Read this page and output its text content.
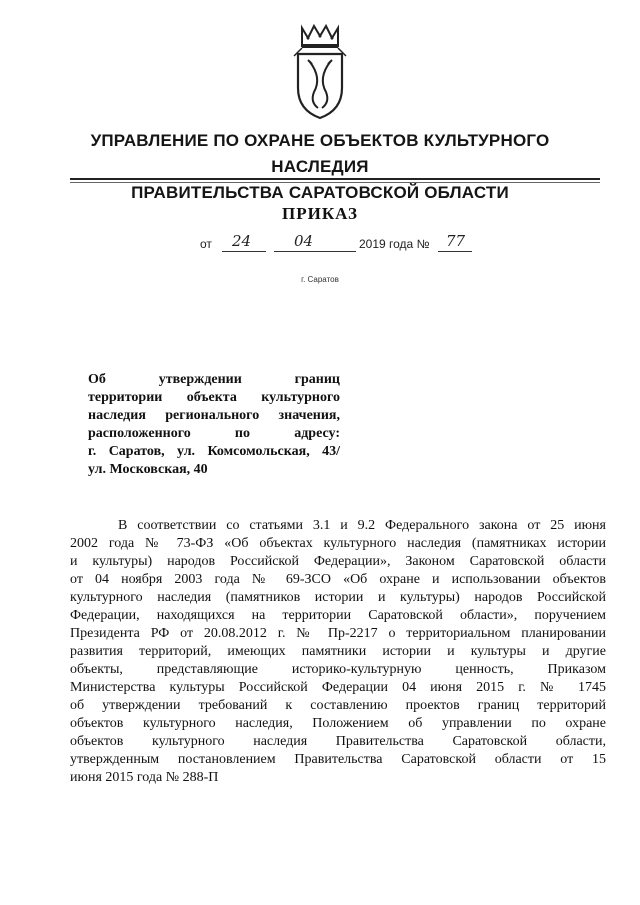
УПРАВЛЕНИЕ ПО ОХРАНЕ ОБЪЕКТОВ КУЛЬТУРНОГО НАСЛЕДИЯ
ПРАВИТЕЛЬСТВА САРАТОВСКОЙ ОБЛАСТИ
ПРИКАЗ
от 24	04	2019 года № 77
г. Саратов
Об утверждении границ
территории объекта культурного
наследия регионального значения,
расположенного по адресу:
г. Саратов, ул. Комсомольская, 43/
ул. Московская, 40
В соответствии со статьями 3.1 и 9.2 Федерального закона от 25 июня
2002 года № 73-ФЗ «Об объектах культурного наследия (памятниках истории
и культуры) народов Российской Федерации», Законом Саратовской области
от 04 ноября 2003 года № 69-ЗСО «Об охране и использовании объектов
культурного наследия (памятников истории и культуры) народов Российской
Федерации, находящихся на территории Саратовской области», поручением
Президента РФ от 20.08.2012 г. № Пр-2217 о территориальном планировании
развития территорий, имеющих памятники истории и культуры и другие
объекты, представляющие историко-культурную ценность, Приказом
Министерства культуры Российской Федерации 04 июня 2015 г. № 1745
об утверждении требований к составлению проектов границ территорий
объектов культурного наследия, Положением об управлении по охране
объектов культурного наследия Правительства Саратовской области,
утвержденным постановлением Правительства Саратовской области от 15
июня 2015 года № 288-П
